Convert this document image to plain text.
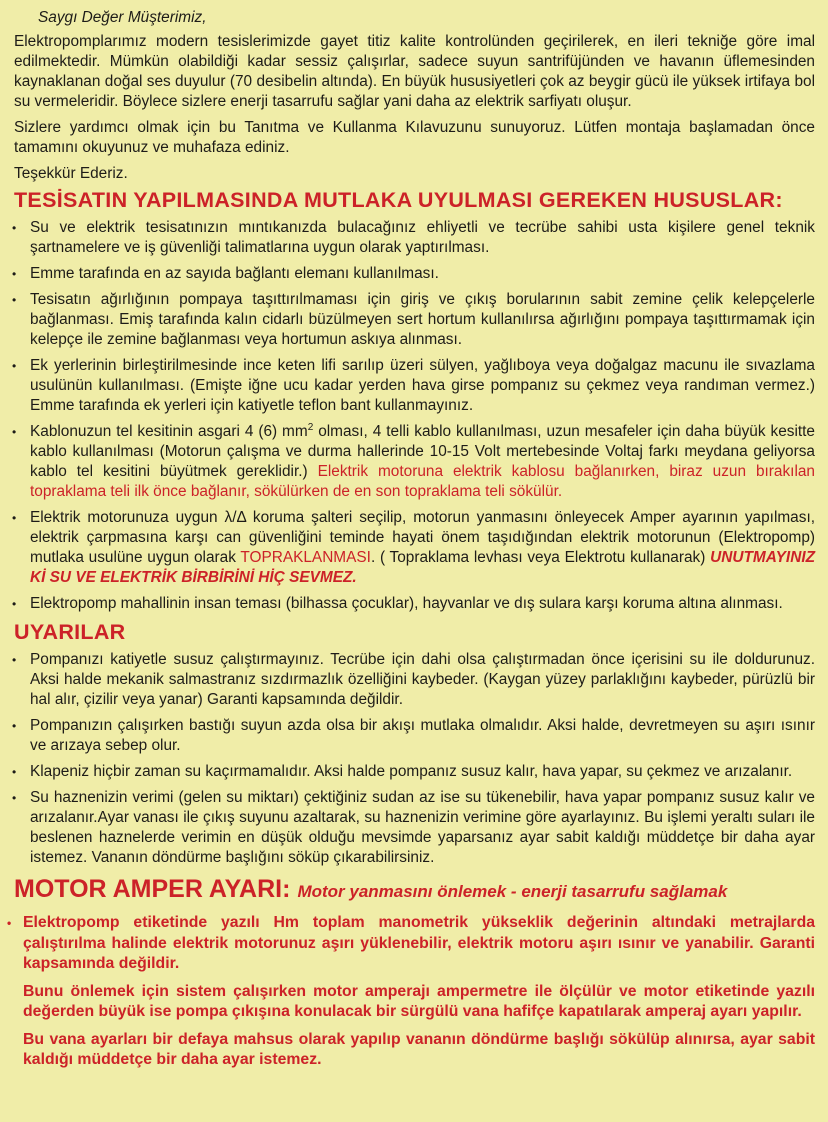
Saygı Değer Müşterimiz,

Elektropomplarımız modern tesislerimizde gayet titiz kalite kontrolünden geçirilerek, en ileri tekniğe göre imal edilmektedir. Mümkün olabildiği kadar sessiz çalışırlar, sadece suyun santrifüjünden ve havanın üflemesinden kaynaklanan doğal ses duyulur (70 desibelin altında). En büyük hususiyetleri çok az beygir gücü ile yüksek irtifaya bol su vermeleridir. Böylece sizlere enerji tasarrufu sağlar yani daha az elektrik sarfiyatı oluşur.

Sizlere yardımcı olmak için bu Tanıtma ve Kullanma Kılavuzunu sunuyoruz. Lütfen montaja başlamadan önce tamamını okuyunuz ve muhafaza ediniz.

Teşekkür Ederiz.

TESİSATIN YAPILMASINDA MUTLAKA UYULMASI GEREKEN HUSUSLAR:
• Su ve elektrik tesisatınızın mıntıkanızda bulacağınız ehliyetli ve tecrübe sahibi usta kişilere genel teknik şartnamelere ve iş güvenliği talimatlarına uygun olarak yaptırılması.
• Emme tarafında en az sayıda bağlantı elemanı kullanılması.
• Tesisatın ağırlığının pompaya taşıttırılmaması için giriş ve çıkış borularının sabit zemine çelik kelepçelerle bağlanması. Emiş tarafında kalın cidarlı büzülmeyen sert hortum kullanılırsa ağırlığını pompaya taşıttırmamak için kelepçe ile zemine bağlanması veya hortumun askıya alınması.
• Ek yerlerinin birleştirilmesinde ince keten lifi sarılıp üzeri sülyen, yağlıboya veya doğalgaz macunu ile sıvazlama usulünün kullanılması. (Emişte iğne ucu kadar yerden hava girse pompanız su çekmez veya randıman vermez.) Emme tarafında ek yerleri için katiyetle teflon bant kullanmayınız.
• Kablonuzun tel kesitinin asgari 4 (6) $mm^2$ olması, 4 telli kablo kullanılması, uzun mesafeler için daha büyük kesitte kablo kullanılması (Motorun çalışma ve durma hallerinde 10-15 Volt mertebesinde Voltaj farkı meydana geliyorsa kablo tel kesitini büyütmek gereklidir.) Elektrik motoruna elektrik kablosu bağlanırken, biraz uzun bırakılan topraklama teli ilk önce bağlanır, sökülürken de en son topraklama teli sökülür.
• Elektrik motorunuza uygun λ/Δ koruma şalteri seçilip, motorun yanmasını önleyecek Amper ayarının yapılması, elektrik çarpmasına karşı can güvenliğini teminde hayati önem taşıdığından elektrik motorunun (Elektropomp) mutlaka usulüne uygun olarak TOPRAKLANMASI. ( Topraklama levhası veya Elektrotu kullanarak) UNUTMAYINIZ Kİ SU VE ELEKTRİK BİRBİRİNİ HİÇ SEVMEZ.
• Elektropomp mahallinin insan teması (bilhassa çocuklar), hayvanlar ve dış sulara karşı koruma altına alınması.
UYARILAR
• Pompanızı katiyetle susuz çalıştırmayınız. Tecrübe için dahi olsa çalıştırmadan önce içerisini su ile doldurunuz. Aksi halde mekanik salmastranız sızdırmazlık özelliğini kaybeder. (Kaygan yüzey parlaklığını kaybeder, pürüzlü bir hal alır, çizilir veya yanar) Garanti kapsamında değildir.
• Pompanızın çalışırken bastığı suyun azda olsa bir akışı mutlaka olmalıdır. Aksi halde, devretmeyen su aşırı ısınır ve arızaya sebep olur.
• Klapeniz hiçbir zaman su kaçırmamalıdır. Aksi halde pompanız susuz kalır, hava yapar, su çekmez ve arızalanır.
• Su haznenizin verimi (gelen su miktarı) çektiğiniz sudan az ise su tükenebilir, hava yapar pompanız susuz kalır ve arızalanır.Ayar vanası ile çıkış suyunu azaltarak, su haznenizin verimine göre ayarlayınız. Bu işlemi yeraltı suları ile beslenen haznelerde verimin en düşük olduğu mevsimde yaparsanız ayar sabit kaldığı müddetçe bir daha ayar istemez. Vananın döndürme başlığını söküp çıkarabilirsiniz.
MOTOR AMPER AYARI: Motor yanmasını önlemek - enerji tasarrufu sağlamak

• Elektropomp etiketinde yazılı Hm toplam manometrik yükseklik değerinin altındaki metrajlarda çalıştırılma halinde elektrik motorunuz aşırı yüklenebilir, elektrik motoru aşırı ısınır ve yanabilir. Garanti kapsamında değildir.

Bunu önlemek için sistem çalışırken motor amperajı ampermetre ile ölçülür ve motor etiketinde yazılı değerden büyük ise pompa çıkışına konulacak bir sürgülü vana hafifçe kapatılarak amperaj ayarı yapılır.

Bu vana ayarları bir defaya mahsus olarak yapılıp vananın döndürme başlığı sökülüp alınırsa, ayar sabit kaldığı müddetçe bir daha ayar istemez.
